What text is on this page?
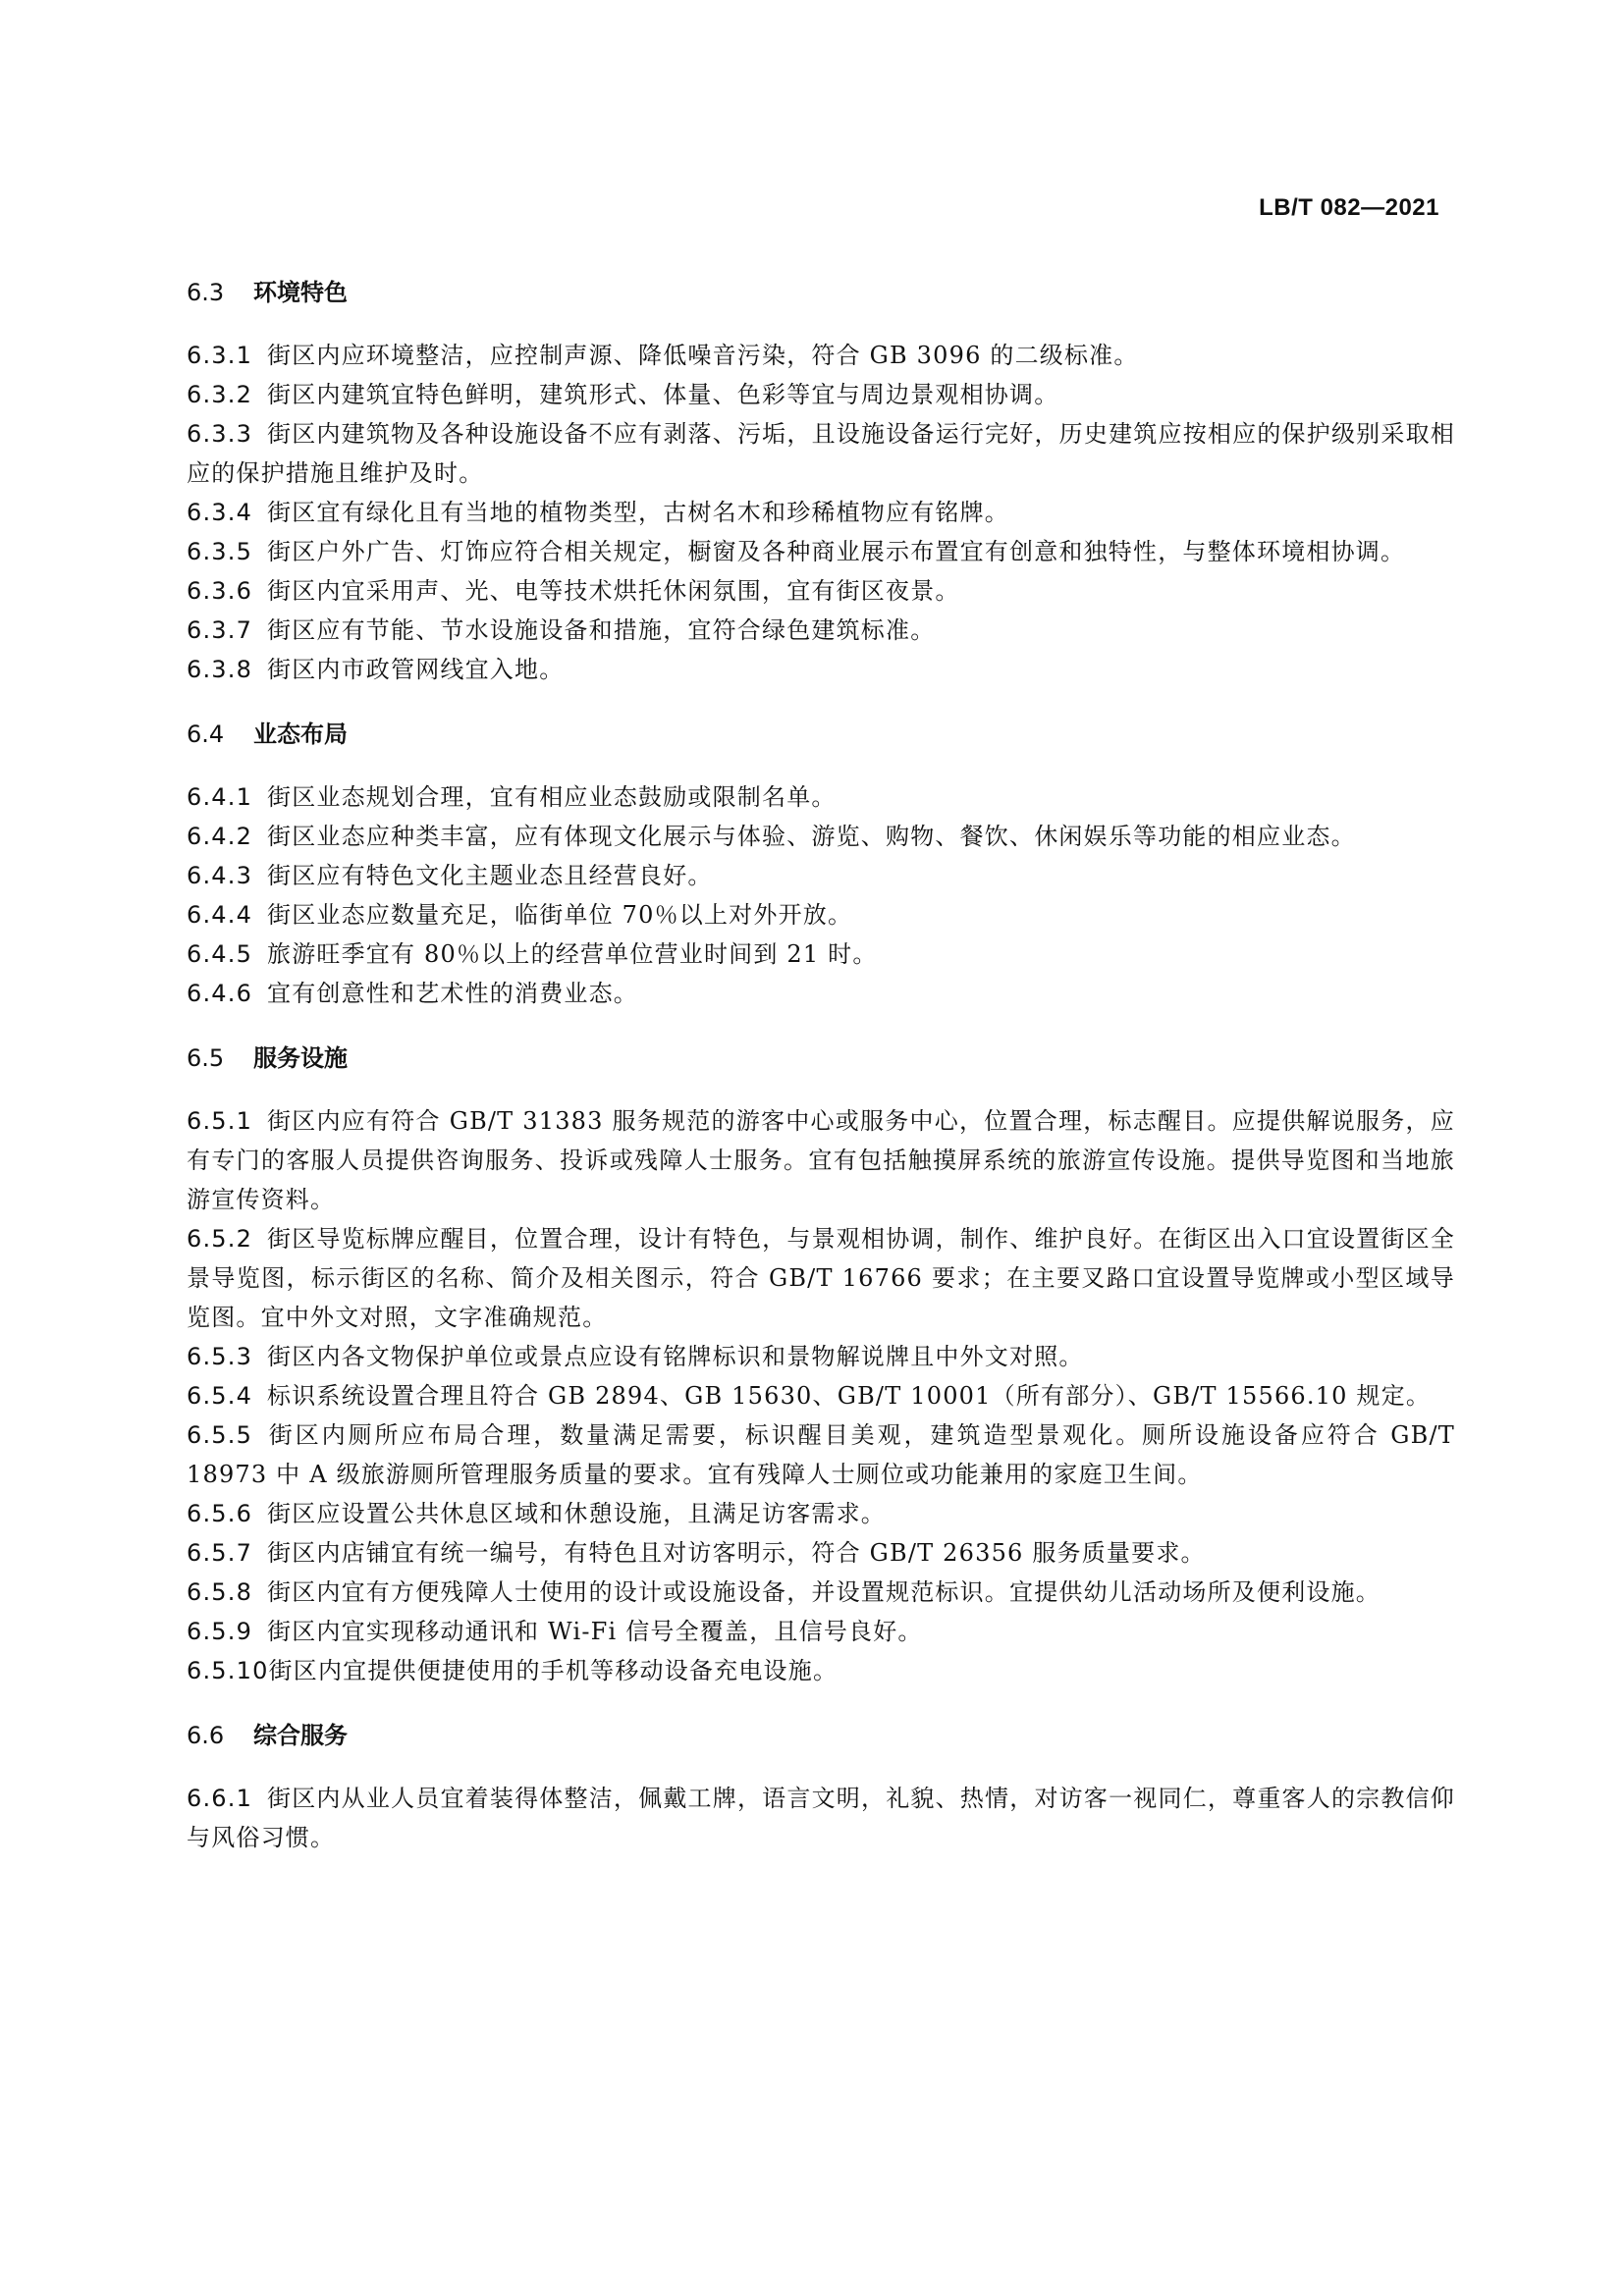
LB/T 082—2021
6.3 环境特色

6.3.1 街区内应环境整洁，应控制声源、降低噪音污染，符合 GB 3096 的二级标准。

6.3.2 街区内建筑宜特色鲜明，建筑形式、体量、色彩等宜与周边景观相协调。

6.3.3 街区内建筑物及各种设施设备不应有剥落、污垢，且设施设备运行完好，历史建筑应按相应的保护级别采取相应的保护措施且维护及时。

6.3.4 街区宜有绿化且有当地的植物类型，古树名木和珍稀植物应有铭牌。

6.3.5 街区户外广告、灯饰应符合相关规定，橱窗及各种商业展示布置宜有创意和独特性，与整体环境相协调。

6.3.6 街区内宜采用声、光、电等技术烘托休闲氛围，宜有街区夜景。

6.3.7 街区应有节能、节水设施设备和措施，宜符合绿色建筑标准。

6.3.8 街区内市政管网线宜入地。

6.4 业态布局

6.4.1 街区业态规划合理，宜有相应业态鼓励或限制名单。

6.4.2 街区业态应种类丰富，应有体现文化展示与体验、游览、购物、餐饮、休闲娱乐等功能的相应业态。

6.4.3 街区应有特色文化主题业态且经营良好。

6.4.4 街区业态应数量充足，临街单位 70％以上对外开放。

6.4.5 旅游旺季宜有 80％以上的经营单位营业时间到 21 时。

6.4.6 宜有创意性和艺术性的消费业态。

6.5 服务设施

6.5.1 街区内应有符合 GB/T 31383 服务规范的游客中心或服务中心，位置合理，标志醒目。应提供解说服务，应有专门的客服人员提供咨询服务、投诉或残障人士服务。宜有包括触摸屏系统的旅游宣传设施。提供导览图和当地旅游宣传资料。

6.5.2 街区导览标牌应醒目，位置合理，设计有特色，与景观相协调，制作、维护良好。在街区出入口宜设置街区全景导览图，标示街区的名称、简介及相关图示，符合 GB/T 16766 要求；在主要叉路口宜设置导览牌或小型区域导览图。宜中外文对照，文字准确规范。

6.5.3 街区内各文物保护单位或景点应设有铭牌标识和景物解说牌且中外文对照。

6.5.4 标识系统设置合理且符合 GB 2894、GB 15630、GB/T 10001（所有部分）、GB/T 15566.10 规定。

6.5.5 街区内厕所应布局合理，数量满足需要，标识醒目美观，建筑造型景观化。厕所设施设备应符合 GB/T 18973 中 A 级旅游厕所管理服务质量的要求。宜有残障人士厕位或功能兼用的家庭卫生间。

6.5.6 街区应设置公共休息区域和休憩设施，且满足访客需求。

6.5.7 街区内店铺宜有统一编号，有特色且对访客明示，符合 GB/T 26356 服务质量要求。

6.5.8 街区内宜有方便残障人士使用的设计或设施设备，并设置规范标识。宜提供幼儿活动场所及便利设施。

6.5.9 街区内宜实现移动通讯和 Wi-Fi 信号全覆盖，且信号良好。

6.5.10街区内宜提供便捷使用的手机等移动设备充电设施。

6.6 综合服务

6.6.1 街区内从业人员宜着装得体整洁，佩戴工牌，语言文明，礼貌、热情，对访客一视同仁，尊重客人的宗教信仰与风俗习惯。
